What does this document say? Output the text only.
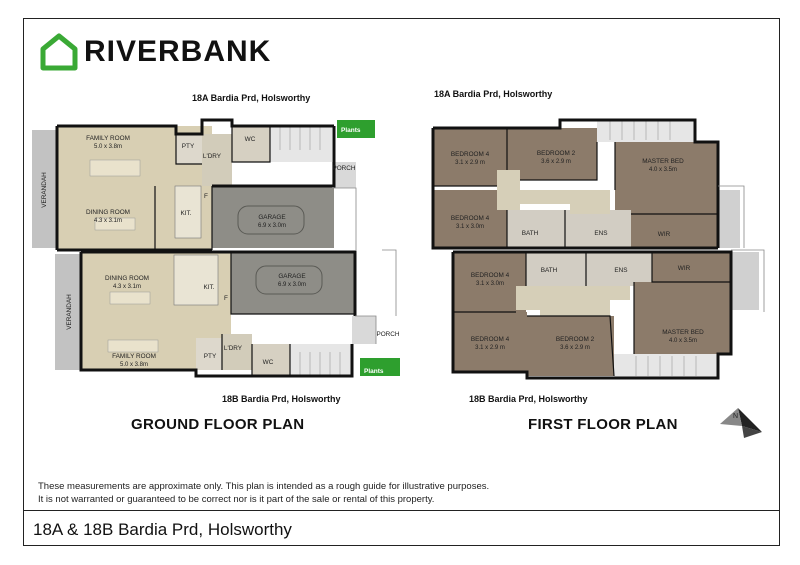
RIVERBANK
18A Bardia Prd, Holsworthy	18A Bardia Prd, Holsworthy
18B Bardia Prd, Holsworthy	18B Bardia Prd, Holsworthy
GROUND FLOOR PLAN	FIRST FLOOR PLAN
These measurements are approximate only. This plan is intended as a rough guide for illustrative purposes.
It is not warranted or guaranteed to be correct nor is it part of the sale or rental of this property.
18A & 18B Bardia Prd, Holsworthy
FAMILY ROOM
5.0 x 3.8m
DINING ROOM
4.3 x 3.1m	GARAGE
6.9 x 3.0m
GARAGE
6.9 x 3.0m
DINING ROOM
4.3 x 3.1m
FAMILY ROOM
5.0 x 3.8m
PTY
L'DRY
WC
KIT.
F
PORCH
Plants
KIT.
F
PTY
L'DRY
WC
PORCH
Plants
VERANDAH
VERANDAH
BEDROOM 4
3.1 x 2.9 m
BEDROOM 2
3.6 x 2.9 m	MASTER BED
4.0 x 3.5m
BEDROOM 4
3.1 x 3.0m
BATH	ENS	WIR
BEDROOM 4
3.1 x 3.0m
BATH	ENS	WIR
MASTER BED
4.0 x 3.5m
BEDROOM 4
3.1 x 2.9 m
BEDROOM 2
3.6 x 2.9 m
N
